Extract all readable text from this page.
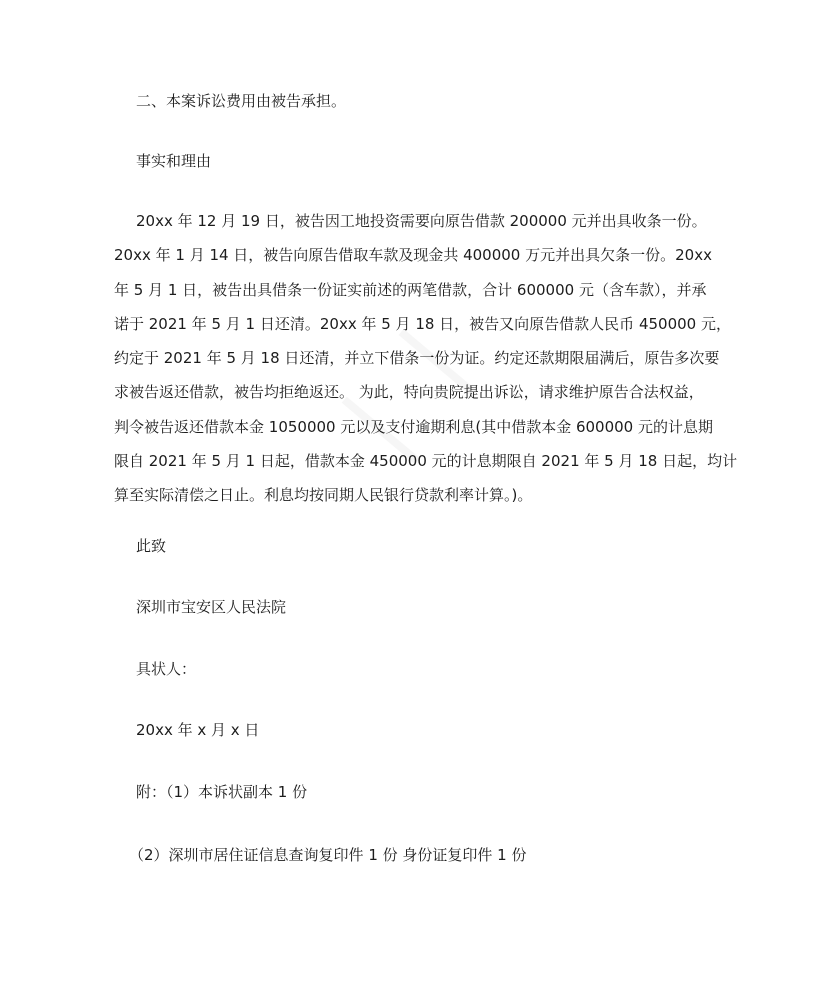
二、本案诉讼费用由被告承担。
事实和理由
20xx 年 12 月 19 日，被告因工地投资需要向原告借款 200000 元并出具收条一份。
20xx 年 1 月 14 日，被告向原告借取车款及现金共 400000 万元并出具欠条一份。20xx
年 5 月 1 日，被告出具借条一份证实前述的两笔借款，合计 600000 元（含车款），并承
诺于 2021 年 5 月 1 日还清。20xx 年 5 月 18 日，被告又向原告借款人民币 450000 元，
约定于 2021 年 5 月 18 日还清，并立下借条一份为证。约定还款期限届满后，原告多次要
求被告返还借款，被告均拒绝返还。 为此，特向贵院提出诉讼，请求维护原告合法权益，
判令被告返还借款本金 1050000 元以及支付逾期利息(其中借款本金 600000 元的计息期
限自 2021 年 5 月 1 日起，借款本金 450000 元的计息期限自 2021 年 5 月 18 日起，均计
算至实际清偿之日止。利息均按同期人民银行贷款利率计算。)。
此致
深圳市宝安区人民法院
具状人：
20xx 年 x 月 x 日
附：（1）本诉状副本 1 份
（2）深圳市居住证信息查询复印件 1 份 身份证复印件 1 份
